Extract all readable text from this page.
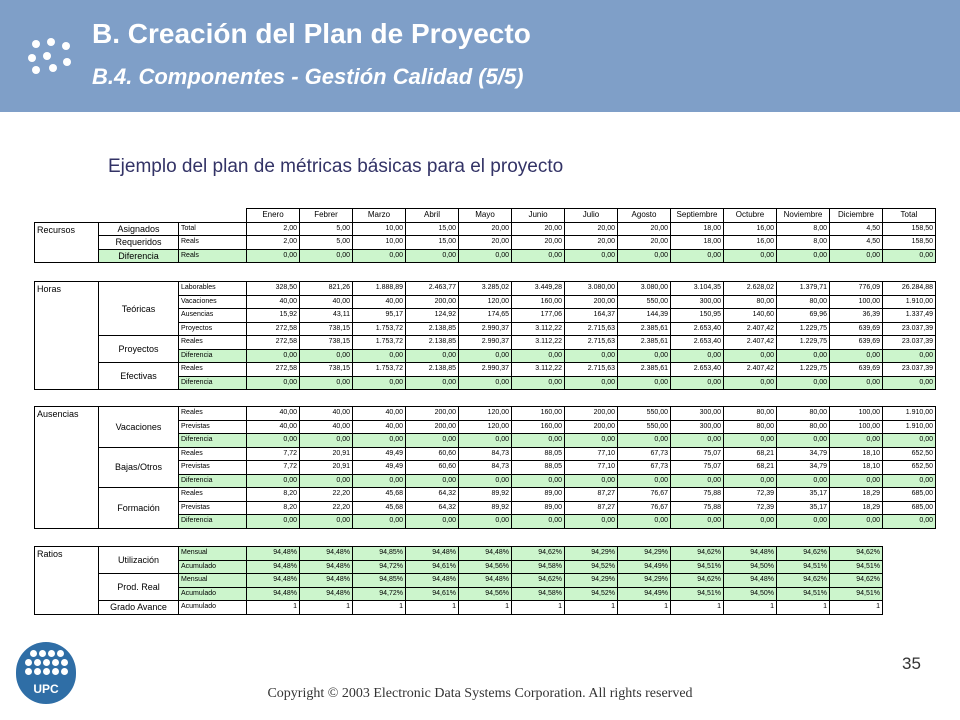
B. Creación del Plan de Proyecto
B.4. Componentes - Gestión Calidad (5/5)
Ejemplo del plan de métricas básicas para el proyecto
			Enero	Febrer	Marzo	Abril	Mayo	Junio	Julio	Agosto	Septiembre	Octubre	Noviembre	Diciembre	Total
Recursos	Asignados	Total	2,00	5,00	10,00	15,00	20,00	20,00	20,00	20,00	18,00	16,00	8,00	4,50	158,50
	Requeridos	Reals	2,00	5,00	10,00	15,00	20,00	20,00	20,00	20,00	18,00	16,00	8,00	4,50	158,50
	Diferencia	Reals	0,00	0,00	0,00	0,00	0,00	0,00	0,00	0,00	0,00	0,00	0,00	0,00	0,00
Horas	Teóricas	Laborables	328,50	821,26	1.888,89	2.463,77	3.285,02	3.449,28	3.080,00	3.080,00	3.104,35	2.628,02	1.379,71	776,09	26.284,88
		Vacaciones	40,00	40,00	40,00	200,00	120,00	160,00	200,00	550,00	300,00	80,00	80,00	100,00	1.910,00
		Ausencias	15,92	43,11	95,17	124,92	174,65	177,06	164,37	144,39	150,95	140,60	69,96	36,39	1.337,49
		Proyectos	272,58	738,15	1.753,72	2.138,85	2.990,37	3.112,22	2.715,63	2.385,61	2.653,40	2.407,42	1.229,75	639,69	23.037,39
	Proyectos	Reales	272,58	738,15	1.753,72	2.138,85	2.990,37	3.112,22	2.715,63	2.385,61	2.653,40	2.407,42	1.229,75	639,69	23.037,39
		Diferencia	0,00	0,00	0,00	0,00	0,00	0,00	0,00	0,00	0,00	0,00	0,00	0,00	0,00
	Efectivas	Reales	272,58	738,15	1.753,72	2.138,85	2.990,37	3.112,22	2.715,63	2.385,61	2.653,40	2.407,42	1.229,75	639,69	23.037,39
		Diferencia	0,00	0,00	0,00	0,00	0,00	0,00	0,00	0,00	0,00	0,00	0,00	0,00	0,00
Ausencias	Vacaciones	Reales	40,00	40,00	40,00	200,00	120,00	160,00	200,00	550,00	300,00	80,00	80,00	100,00	1.910,00
		Previstas	40,00	40,00	40,00	200,00	120,00	160,00	200,00	550,00	300,00	80,00	80,00	100,00	1.910,00
		Diferencia	0,00	0,00	0,00	0,00	0,00	0,00	0,00	0,00	0,00	0,00	0,00	0,00	0,00
	Bajas/Otros	Reales	7,72	20,91	49,49	60,60	84,73	88,05	77,10	67,73	75,07	68,21	34,79	18,10	652,50
		Previstas	7,72	20,91	49,49	60,60	84,73	88,05	77,10	67,73	75,07	68,21	34,79	18,10	652,50
		Diferencia	0,00	0,00	0,00	0,00	0,00	0,00	0,00	0,00	0,00	0,00	0,00	0,00	0,00
	Formación	Reales	8,20	22,20	45,68	64,32	89,92	89,00	87,27	76,67	75,88	72,39	35,17	18,29	685,00
		Previstas	8,20	22,20	45,68	64,32	89,92	89,00	87,27	76,67	75,88	72,39	35,17	18,29	685,00
		Diferencia	0,00	0,00	0,00	0,00	0,00	0,00	0,00	0,00	0,00	0,00	0,00	0,00	0,00
Ratios	Utilización	Mensual	94,48%	94,48%	94,85%	94,48%	94,48%	94,62%	94,29%	94,29%	94,62%	94,48%	94,62%	94,62%
		Acumulado	94,48%	94,48%	94,72%	94,61%	94,56%	94,58%	94,52%	94,49%	94,51%	94,50%	94,51%	94,51%
	Prod. Real	Mensual	94,48%	94,48%	94,85%	94,48%	94,48%	94,62%	94,29%	94,29%	94,62%	94,48%	94,62%	94,62%
		Acumulado	94,48%	94,48%	94,72%	94,61%	94,56%	94,58%	94,52%	94,49%	94,51%	94,50%	94,51%	94,51%
	Grado Avance	Acumulado	1	1	1	1	1	1	1	1	1	1	1	1
UPC
35
Copyright © 2003 Electronic Data Systems Corporation. All rights reserved
